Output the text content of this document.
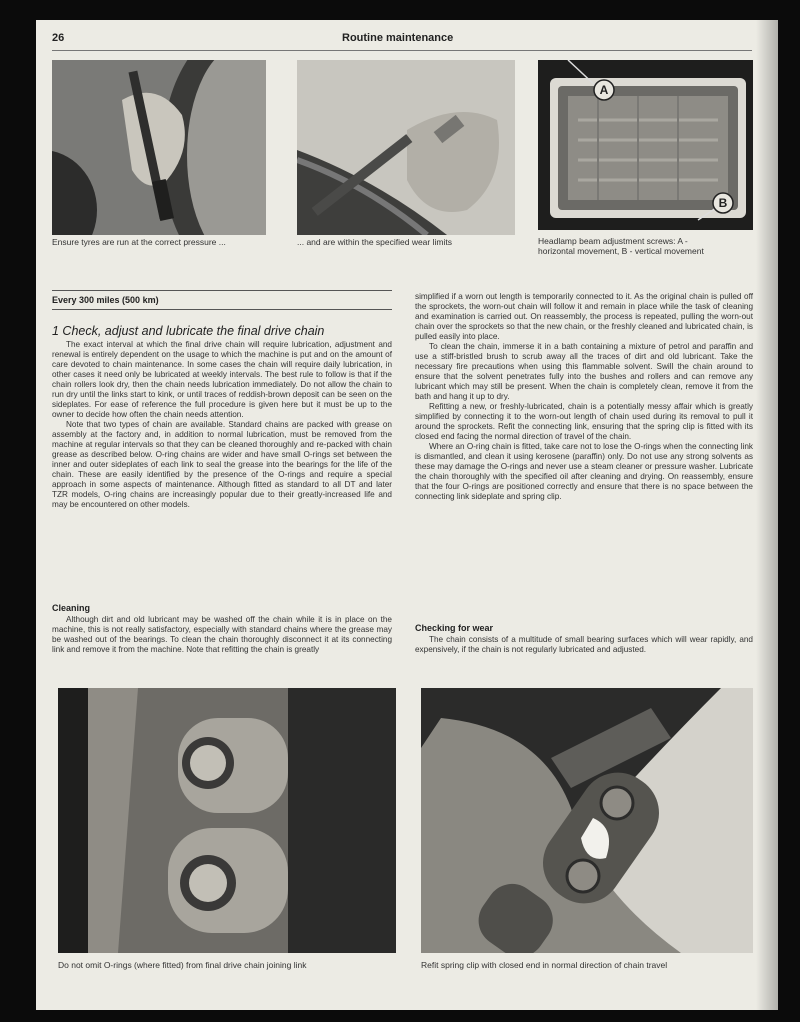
26	Routine maintenance
Ensure tyres are run at the correct pressure ...	... and are within the specified wear limits
A
B
Headlamp beam adjustment screws: A -
horizontal movement, B - vertical movement
Every 300 miles (500 km)
1 Check, adjust and lubricate the final drive chain

The exact interval at which the final drive chain will require lubrication, adjustment and renewal is entirely dependent on the usage to which the machine is put and on the amount of care devoted to chain maintenance. In some cases the chain will require daily lubrication, in other cases it need only be lubricated at weekly intervals. The best rule to follow is that if the chain rollers look dry, then the chain needs lubrication immediately. Do not allow the chain to run dry until the links start to kink, or until traces of reddish-brown deposit can be seen on the sideplates. For ease of reference the full procedure is given here but it must be up to the owner to decide how often the chain needs attention.

Note that two types of chain are available. Standard chains are packed with grease on assembly at the factory and, in addition to normal lubrication, must be removed from the machine at regular intervals so that they can be cleaned thoroughly and re-packed with chain grease as described below. O-ring chains are wider and have small O-rings set between the inner and outer sideplates of each link to seal the grease into the bearings for the life of the chain. These are easily identified by the presence of the O-rings and require a special approach in some aspects of maintenance. Although fitted as standard to all DT and later TZR models, O-ring chains are increasingly popular due to their greatly-increased life and may be encountered on other models.

Cleaning

Although dirt and old lubricant may be washed off the chain while it is in place on the machine, this is not really satisfactory, especially with standard chains where the grease may be washed out of the bearings. To clean the chain thoroughly disconnect it at its connecting link and remove it from the machine. Note that refitting the chain is greatly

simplified if a worn out length is temporarily connected to it. As the original chain is pulled off the sprockets, the worn-out chain will follow it and remain in place while the task of cleaning and examination is carried out. On reassembly, the process is repeated, pulling the worn-out chain over the sprockets so that the new chain, or the freshly cleaned and lubricated chain, is pulled easily into place.

To clean the chain, immerse it in a bath containing a mixture of petrol and paraffin and use a stiff-bristled brush to scrub away all the traces of dirt and old lubricant. Take the necessary fire precautions when using this flammable solvent. Swill the chain around to ensure that the solvent penetrates fully into the bushes and rollers and can remove any lubricant which may still be present. When the chain is completely clean, remove it from the bath and hang it up to dry.

Refitting a new, or freshly-lubricated, chain is a potentially messy affair which is greatly simplified by connecting it to the worn-out length of chain used during its removal to pull it around the sprockets. Refit the connecting link, ensuring that the spring clip is fitted with its closed end facing the normal direction of travel of the chain.

Where an O-ring chain is fitted, take care not to lose the O-rings when the connecting link is dismantled, and clean it using kerosene (paraffin) only. Do not use any strong solvents as these may damage the O-rings and never use a steam cleaner or pressure washer. Lubricate the chain thoroughly with the specified oil after cleaning and drying. On reassembly, ensure that the four O-rings are positioned correctly and ensure that there is no space between the connecting link sideplate and spring clip.

Checking for wear

The chain consists of a multitude of small bearing surfaces which will wear rapidly, and expensively, if the chain is not regularly lubricated and adjusted.

Do not omit O-rings (where fitted) from final drive chain joining link	Refit spring clip with closed end in normal direction of chain travel
